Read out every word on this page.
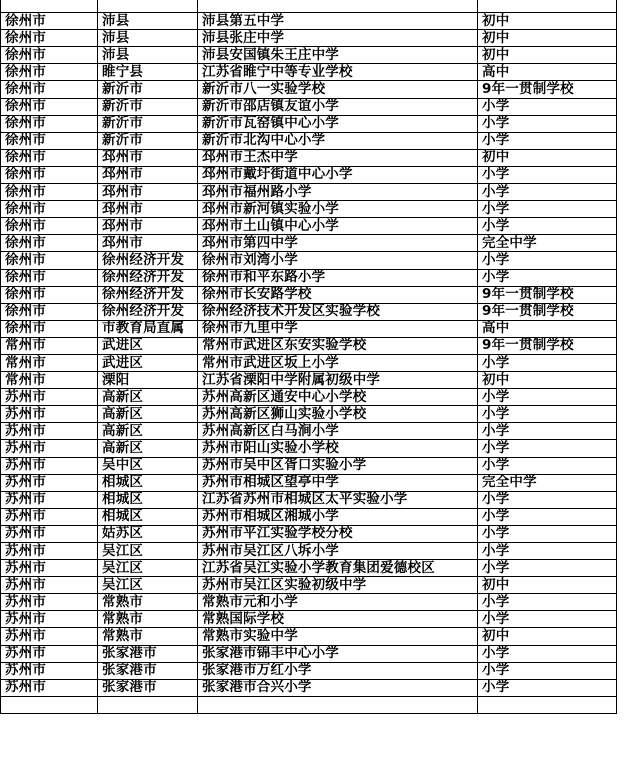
徐州市	沛县	沛县第五中学	初中
徐州市	沛县	沛县张庄中学	初中
徐州市	沛县	沛县安国镇朱王庄中学	初中
徐州市	睢宁县	江苏省睢宁中等专业学校	高中
徐州市	新沂市	新沂市八一实验学校	9年一贯制学校
徐州市	新沂市	新沂市邵店镇友谊小学	小学
徐州市	新沂市	新沂市瓦窑镇中心小学	小学
徐州市	新沂市	新沂市北沟中心小学	小学
徐州市	邳州市	邳州市王杰中学	初中
徐州市	邳州市	邳州市戴圩街道中心小学	小学
徐州市	邳州市	邳州市福州路小学	小学
徐州市	邳州市	邳州市新河镇实验小学	小学
徐州市	邳州市	邳州市土山镇中心小学	小学
徐州市	邳州市	邳州市第四中学	完全中学
徐州市	徐州经济开发	徐州市刘湾小学	小学
徐州市	徐州经济开发	徐州市和平东路小学	小学
徐州市	徐州经济开发	徐州市长安路学校	9年一贯制学校
徐州市	徐州经济开发	徐州经济技术开发区实验学校	9年一贯制学校
徐州市	市教育局直属	徐州市九里中学	高中
常州市	武进区	常州市武进区东安实验学校	9年一贯制学校
常州市	武进区	常州市武进区坂上小学	小学
常州市	溧阳	江苏省溧阳中学附属初级中学	初中
苏州市	高新区	苏州高新区通安中心小学校	小学
苏州市	高新区	苏州高新区狮山实验小学校	小学
苏州市	高新区	苏州高新区白马涧小学	小学
苏州市	高新区	苏州市阳山实验小学校	小学
苏州市	吴中区	苏州市吴中区胥口实验小学	小学
苏州市	相城区	苏州市相城区望亭中学	完全中学
苏州市	相城区	江苏省苏州市相城区太平实验小学	小学
苏州市	相城区	苏州市相城区湘城小学	小学
苏州市	姑苏区	苏州市平江实验学校分校	小学
苏州市	吴江区	苏州市吴江区八坼小学	小学
苏州市	吴江区	江苏省吴江实验小学教育集团爱德校区	小学
苏州市	吴江区	苏州市吴江区实验初级中学	初中
苏州市	常熟市	常熟市元和小学	小学
苏州市	常熟市	常熟国际学校	小学
苏州市	常熟市	常熟市实验中学	初中
苏州市	张家港市	张家港市锦丰中心小学	小学
苏州市	张家港市	张家港市万红小学	小学
苏州市	张家港市	张家港市合兴小学	小学
